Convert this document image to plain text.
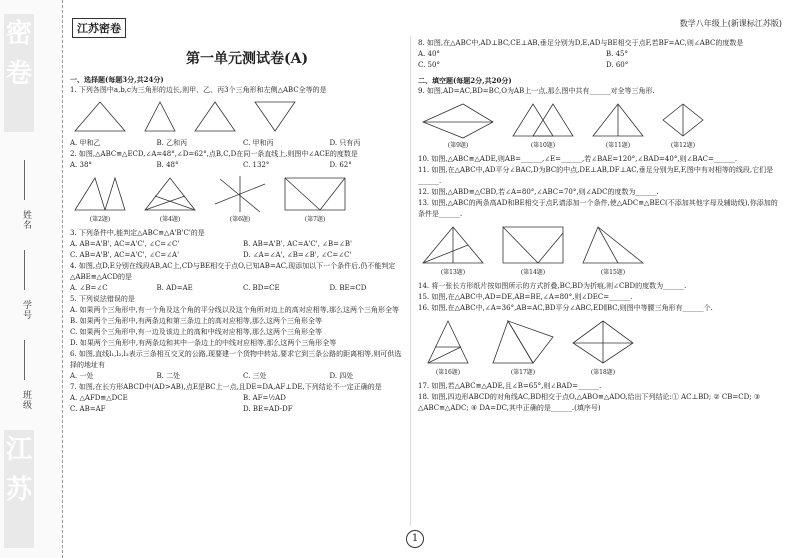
密 卷
江 苏
姓名
学号
班级
江苏密卷	数学八年级上(新课标江苏版)
第一单元测试卷(A)
一、选择题(每题3分,共24分)

1. 下列各图中a,b,c为三角形的边长,则甲、乙、丙3个三角形和左侧△ABC全等的是

A. 甲和乙	B. 乙和丙	C. 甲和丙	D. 只有丙

2. 如图,△ABC≌△ECD,∠A=48°,∠D=62°,点B,C,D在同一条直线上,则图中∠ACE的度数是

A. 38°	B. 48°	C. 132°	D. 62°
(第2题)	(第4题)	(第6题)	(第7题)

3. 下列条件中,能判定△ABC≌△A'B'C'的是

A. AB=A'B', AC=A'C', ∠C=∠C'	B. AB=A'B', AC=A'C', ∠B=∠B'
C. AB=A'B', AC=A'C', ∠C=∠A'	D. ∠A=∠A', ∠B=∠B', ∠C=∠C'

4. 如图,点D,E分别在线段AB,AC上,CD与BE相交于点O,已知AB=AC,现添加以下一个条件后,仍不能判定△ABE≌△ACD的是

A. ∠B=∠C	B. AD=AE	C. BD=CE	D. BE=CD

5. 下列说法错误的是

A. 如果两个三角形中,有一个角及这个角的平分线以及这个角所对边上的高对应相等,那么这两个三角形全等

B. 如果两个三角形中,有两条边和第三条边上的高对应相等,那么这两个三角形全等

C. 如果两个三角形中,有一边及该边上的高和中线对应相等,那么这两个三角形全等

D. 如果两个三角形中,有两条边和其中一条边上的中线对应相等,那么这两个三角形全等

6. 如图,直线l₁,l₂,l₃表示三条相互交叉的公路,现要建一个货物中转站,要求它到三条公路的距离相等,则可供选择的地址有

A. 一处	B. 二处	C. 三处	D. 四处

7. 如图,在长方形ABCD中(AD>AB),点E是BC上一点,且DE=DA,AF⊥DE,下列结论不一定正确的是

A. △AFD≌△DCE	B. AF=½AD
C. AB=AF	D. BE=AD-DF

8. 如图,在△ABC中,AD⊥BC,CE⊥AB,垂足分别为D,E,AD与BE相交于点F,若BF=AC,则∠ABC的度数是

A. 40°	B. 45°
C. 50°	D. 60°
二、填空题(每题2分,共20分)

9. 如图,AD=AC,BD=BC,O为AB上一点,那么图中共有______对全等三角形.

(第9题)	(第10题)	(第11题)	(第12题)

10. 如图,△ABC≌△ADE,则AB=______,∠E=______,若∠BAE=120°,∠BAD=40°,则∠BAC=______.

11. 如图,在△ABC中,AD平分∠BAC,D为BC的中点,DE⊥AB,DF⊥AC,垂足分别为E,F,图中有对相等的线段,它们是______.

12. 如图,△ABD≌△CBD,若∠A=80°,∠ABC=70°,则∠ADC的度数为______.

13. 如图,△ABC的两条高AD和BE相交于点F,请添加一个条件,使△ADC≌△BEC(不添加其他字母及辅助线),你添加的条件是______.

(第13题)	(第14题)	(第15题)

14. 将一张长方形纸片按如图所示的方式折叠,BC,BD为折痕,则∠CBD的度数为______.

15. 如图,在△ABC中,AD=DE,AB=BE,∠A=80°,则∠DEC=______.

16. 如图,在△ABC中,∠A=36°,AB=AC,BD平分∠ABC,ED∥BC,则图中等腰三角形有______个.

(第16题)	(第17题)	(第18题)

17. 如图,若△ABC≌△ADE,且∠B=65°,则∠BAD=______.

18. 如图,四边形ABCD的对角线AC,BD相交于点O,△ABO≌△ADO,给出下列结论:① AC⊥BD; ② CB=CD; ③ △ABC≌△ADC; ④ DA=DC,其中正确的是______.(填序号)

1
